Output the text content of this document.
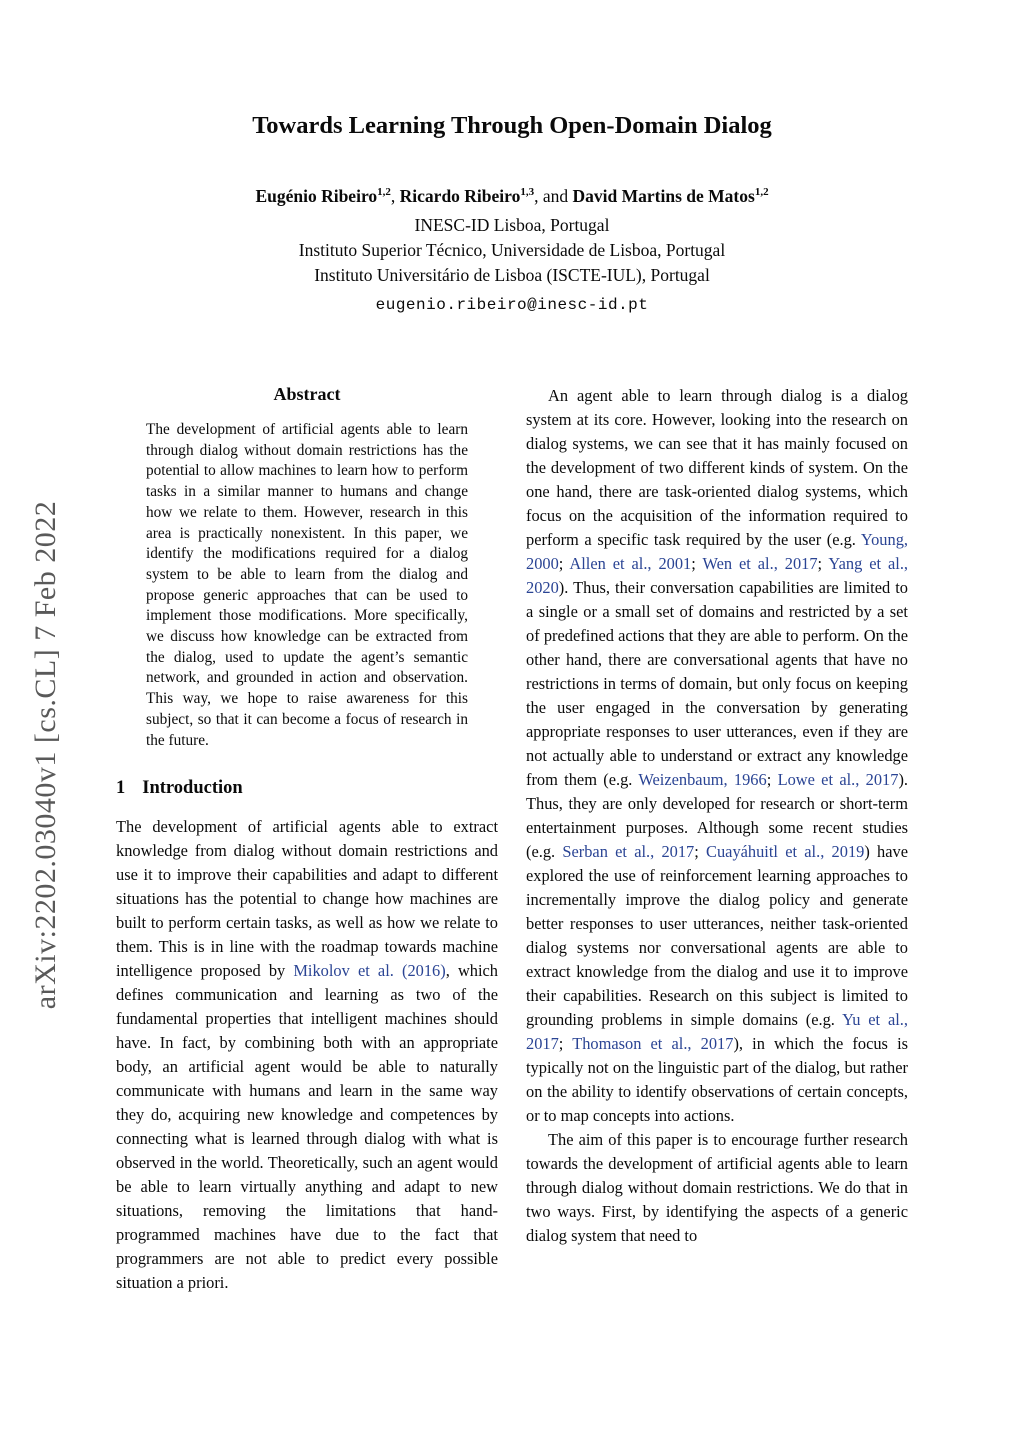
arXiv:2202.03040v1 [cs.CL] 7 Feb 2022
Towards Learning Through Open-Domain Dialog
Eugénio Ribeiro$^{1,2}$, Ricardo Ribeiro$^{1,3}$, and David Martins de Matos$^{1,2}$
INESC-ID Lisboa, Portugal
Instituto Superior Técnico, Universidade de Lisboa, Portugal
Instituto Universitário de Lisboa (ISCTE-IUL), Portugal
eugenio.ribeiro@inesc-id.pt
Abstract

The development of artificial agents able to learn through dialog without domain restrictions has the potential to allow machines to learn how to perform tasks in a similar manner to humans and change how we relate to them. However, research in this area is practically nonexistent. In this paper, we identify the modifications required for a dialog system to be able to learn from the dialog and propose generic approaches that can be used to implement those modifications. More specifically, we discuss how knowledge can be extracted from the dialog, used to update the agent’s semantic network, and grounded in action and observation. This way, we hope to raise awareness for this subject, so that it can become a focus of research in the future.

1 Introduction

The development of artificial agents able to extract knowledge from dialog without domain restrictions and use it to improve their capabilities and adapt to different situations has the potential to change how machines are built to perform certain tasks, as well as how we relate to them. This is in line with the roadmap towards machine intelligence proposed by Mikolov et al. (2016), which defines communication and learning as two of the fundamental properties that intelligent machines should have. In fact, by combining both with an appropriate body, an artificial agent would be able to naturally communicate with humans and learn in the same way they do, acquiring new knowledge and competences by connecting what is learned through dialog with what is observed in the world. Theoretically, such an agent would be able to learn virtually anything and adapt to new situations, removing the limitations that hand-programmed machines have due to the fact that programmers are not able to predict every possible situation a priori.

An agent able to learn through dialog is a dialog system at its core. However, looking into the research on dialog systems, we can see that it has mainly focused on the development of two different kinds of system. On the one hand, there are task-oriented dialog systems, which focus on the acquisition of the information required to perform a specific task required by the user (e.g. Young, 2000; Allen et al., 2001; Wen et al., 2017; Yang et al., 2020). Thus, their conversation capabilities are limited to a single or a small set of domains and restricted by a set of predefined actions that they are able to perform. On the other hand, there are conversational agents that have no restrictions in terms of domain, but only focus on keeping the user engaged in the conversation by generating appropriate responses to user utterances, even if they are not actually able to understand or extract any knowledge from them (e.g. Weizenbaum, 1966; Lowe et al., 2017). Thus, they are only developed for research or short-term entertainment purposes. Although some recent studies (e.g. Serban et al., 2017; Cuayáhuitl et al., 2019) have explored the use of reinforcement learning approaches to incrementally improve the dialog policy and generate better responses to user utterances, neither task-oriented dialog systems nor conversational agents are able to extract knowledge from the dialog and use it to improve their capabilities. Research on this subject is limited to grounding problems in simple domains (e.g. Yu et al., 2017; Thomason et al., 2017), in which the focus is typically not on the linguistic part of the dialog, but rather on the ability to identify observations of certain concepts, or to map concepts into actions.

The aim of this paper is to encourage further research towards the development of artificial agents able to learn through dialog without domain restrictions. We do that in two ways. First, by identifying the aspects of a generic dialog system that need to
